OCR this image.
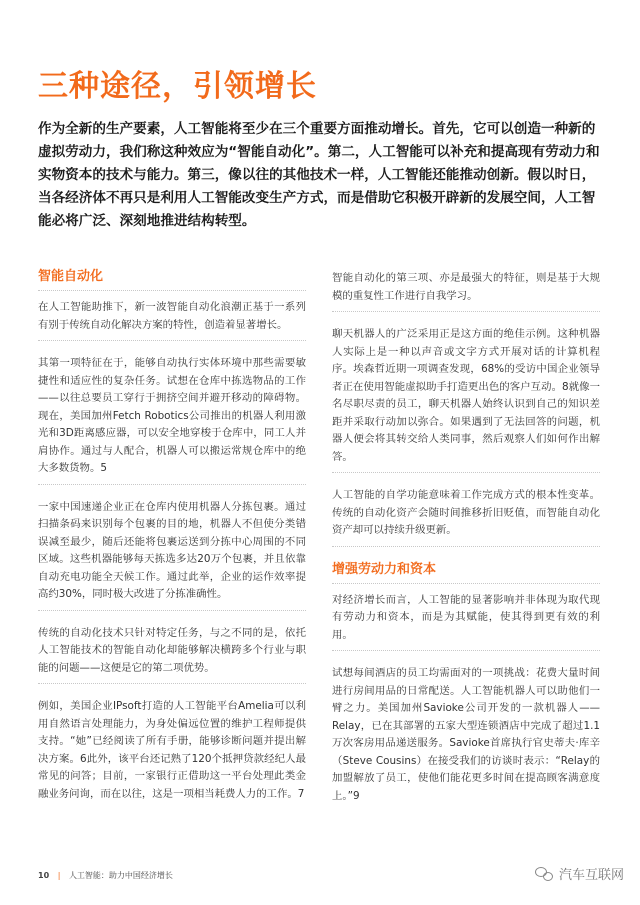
三种途径，引领增长
作为全新的生产要素，人工智能将至少在三个重要方面推动增长。首先，它可以创造一种新的虚拟劳动力，我们称这种效应为“智能自动化”。第二，人工智能可以补充和提高现有劳动力和实物资本的技术与能力。第三，像以往的其他技术一样，人工智能还能推动创新。假以时日，当各经济体不再只是利用人工智能改变生产方式，而是借助它积极开辟新的发展空间，人工智能必将广泛、深刻地推进结构转型。
智能自动化

在人工智能助推下，新一波智能自动化浪潮正基于一系列有别于传统自动化解决方案的特性，创造着显著增长。

其第一项特征在于，能够自动执行实体环境中那些需要敏捷性和适应性的复杂任务。试想在仓库中拣选物品的工作——以往总要员工穿行于拥挤空间并避开移动的障碍物。现在，美国加州Fetch Robotics公司推出的机器人利用激光和3D距离感应器，可以安全地穿梭于仓库中，同工人并肩协作。通过与人配合，机器人可以搬运常规仓库中的绝大多数货物。5

一家中国速递企业正在仓库内使用机器人分拣包裹。通过扫描条码来识别每个包裹的目的地，机器人不但使分类错误减至最少，随后还能将包裹运送到分拣中心周围的不同区域。这些机器能够每天拣选多达20万个包裹，并且依靠自动充电功能全天候工作。通过此举，企业的运作效率提高约30%，同时极大改进了分拣准确性。

传统的自动化技术只针对特定任务，与之不同的是，依托人工智能技术的智能自动化却能够解决横跨多个行业与职能的问题——这便是它的第二项优势。

例如，美国企业IPsoft打造的人工智能平台Amelia可以利用自然语言处理能力，为身处偏远位置的维护工程师提供支持。“她”已经阅读了所有手册，能够诊断问题并提出解决方案。6此外，该平台还记熟了120个抵押贷款经纪人最常见的问答；目前，一家银行正借助这一平台处理此类金融业务问询，而在以往，这是一项相当耗费人力的工作。7

智能自动化的第三项、亦是最强大的特征，则是基于大规模的重复性工作进行自我学习。

聊天机器人的广泛采用正是这方面的绝佳示例。这种机器人实际上是一种以声音或文字方式开展对话的计算机程序。埃森哲近期一项调查发现，68%的受访中国企业领导者正在使用智能虚拟助手打造更出色的客户互动。8就像一名尽职尽责的员工，聊天机器人始终认识到自己的知识差距并采取行动加以弥合。如果遇到了无法回答的问题，机器人便会将其转交给人类同事，然后观察人们如何作出解答。

人工智能的自学功能意味着工作完成方式的根本性变革。传统的自动化资产会随时间推移折旧贬值，而智能自动化资产却可以持续升级更新。

增强劳动力和资本

对经济增长而言，人工智能的显著影响并非体现为取代现有劳动力和资本，而是为其赋能，使其得到更有效的利用。

试想每间酒店的员工均需面对的一项挑战：花费大量时间进行房间用品的日常配送。人工智能机器人可以助他们一臂之力。美国加州Savioke公司开发的一款机器人——Relay，已在其部署的五家大型连锁酒店中完成了超过1.1万次客房用品递送服务。Savioke首席执行官史蒂夫·库辛（Steve Cousins）在接受我们的访谈时表示：“Relay的加盟解放了员工，使他们能花更多时间在提高顾客满意度上。”9

10 | 人工智能：助力中国经济增长	汽车互联网
